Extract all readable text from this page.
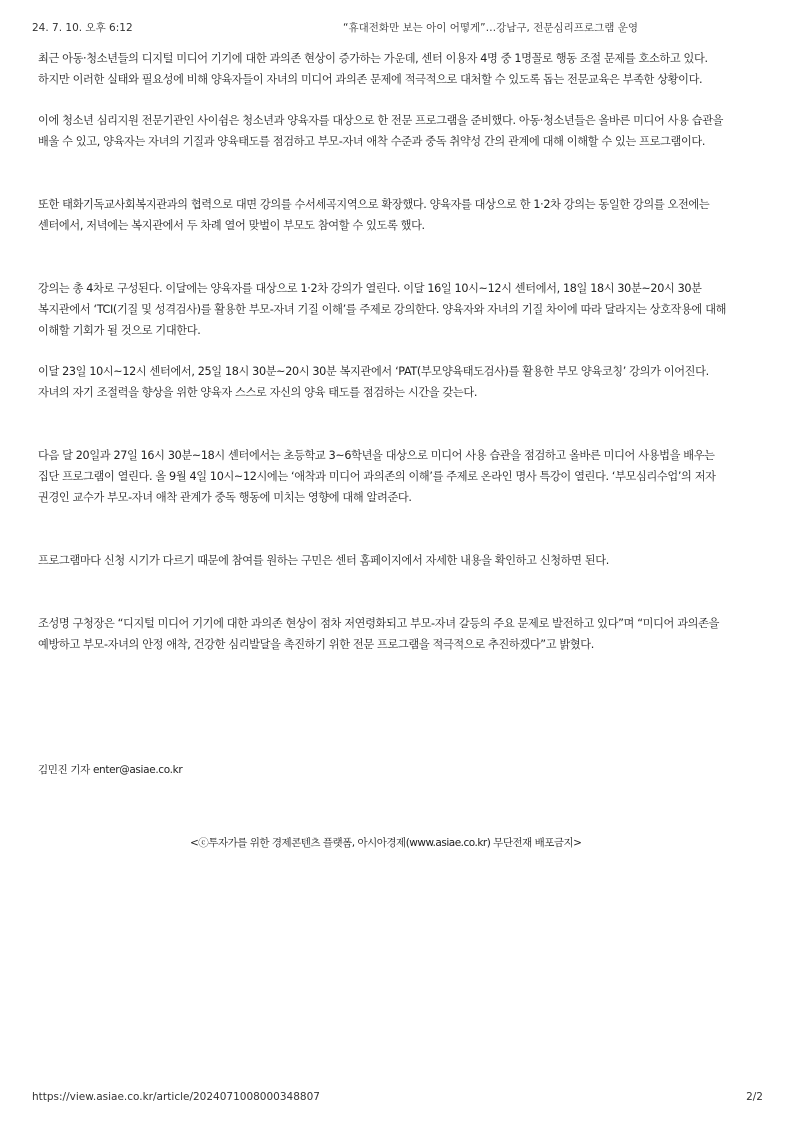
24. 7. 10. 오후 6:12	“휴대전화만 보는 아이 어떻게”…강남구, 전문심리프로그램 운영

최근 아동·청소년들의 디지털 미디어 기기에 대한 과의존 현상이 증가하는 가운데, 센터 이용자 4명 중 1명꼴로 행동 조절 문제를 호소하고 있다. 하지만 이러한 실태와 필요성에 비해 양육자들이 자녀의 미디어 과의존 문제에 적극적으로 대처할 수 있도록 돕는 전문교육은 부족한 상황이다.

이에 청소년 심리지원 전문기관인 사이쉼은 청소년과 양육자를 대상으로 한 전문 프로그램을 준비했다. 아동·청소년들은 올바른 미디어 사용 습관을 배울 수 있고, 양육자는 자녀의 기질과 양육태도를 점검하고 부모-자녀 애착 수준과 중독 취약성 간의 관계에 대해 이해할 수 있는 프로그램이다.

또한 태화기독교사회복지관과의 협력으로 대면 강의를 수서세곡지역으로 확장했다. 양육자를 대상으로 한 1·2차 강의는 동일한 강의를 오전에는 센터에서, 저녁에는 복지관에서 두 차례 열어 맞벌이 부모도 참여할 수 있도록 했다.

강의는 총 4차로 구성된다. 이달에는 양육자를 대상으로 1·2차 강의가 열린다. 이달 16일 10시~12시 센터에서, 18일 18시 30분~20시 30분 복지관에서 ‘TCI(기질 및 성격검사)를 활용한 부모-자녀 기질 이해’를 주제로 강의한다. 양육자와 자녀의 기질 차이에 따라 달라지는 상호작용에 대해 이해할 기회가 될 것으로 기대한다.

이달 23일 10시~12시 센터에서, 25일 18시 30분~20시 30분 복지관에서 ‘PAT(부모양육태도검사)를 활용한 부모 양육코칭’ 강의가 이어진다. 자녀의 자기 조절력을 향상을 위한 양육자 스스로 자신의 양육 태도를 점검하는 시간을 갖는다.

다음 달 20일과 27일 16시 30분~18시 센터에서는 초등학교 3~6학년을 대상으로 미디어 사용 습관을 점검하고 올바른 미디어 사용법을 배우는 집단 프로그램이 열린다. 올 9월 4일 10시~12시에는 ‘애착과 미디어 과의존의 이해’를 주제로 온라인 명사 특강이 열린다. ‘부모심리수업’의 저자 권경인 교수가 부모-자녀 애착 관계가 중독 행동에 미치는 영향에 대해 알려준다.

프로그램마다 신청 시기가 다르기 때문에 참여를 원하는 구민은 센터 홈페이지에서 자세한 내용을 확인하고 신청하면 된다.

조성명 구청장은 “디지털 미디어 기기에 대한 과의존 현상이 점차 저연령화되고 부모-자녀 갈등의 주요 문제로 발전하고 있다”며 “미디어 과의존을 예방하고 부모-자녀의 안정 애착, 건강한 심리발달을 촉진하기 위한 전문 프로그램을 적극적으로 추진하겠다”고 밝혔다.

김민진 기자 enter@asiae.co.kr

<ⓒ투자가를 위한 경제콘텐츠 플랫폼, 아시아경제(www.asiae.co.kr) 무단전재 배포금지>
https://view.asiae.co.kr/article/2024071008000348807	2/2
